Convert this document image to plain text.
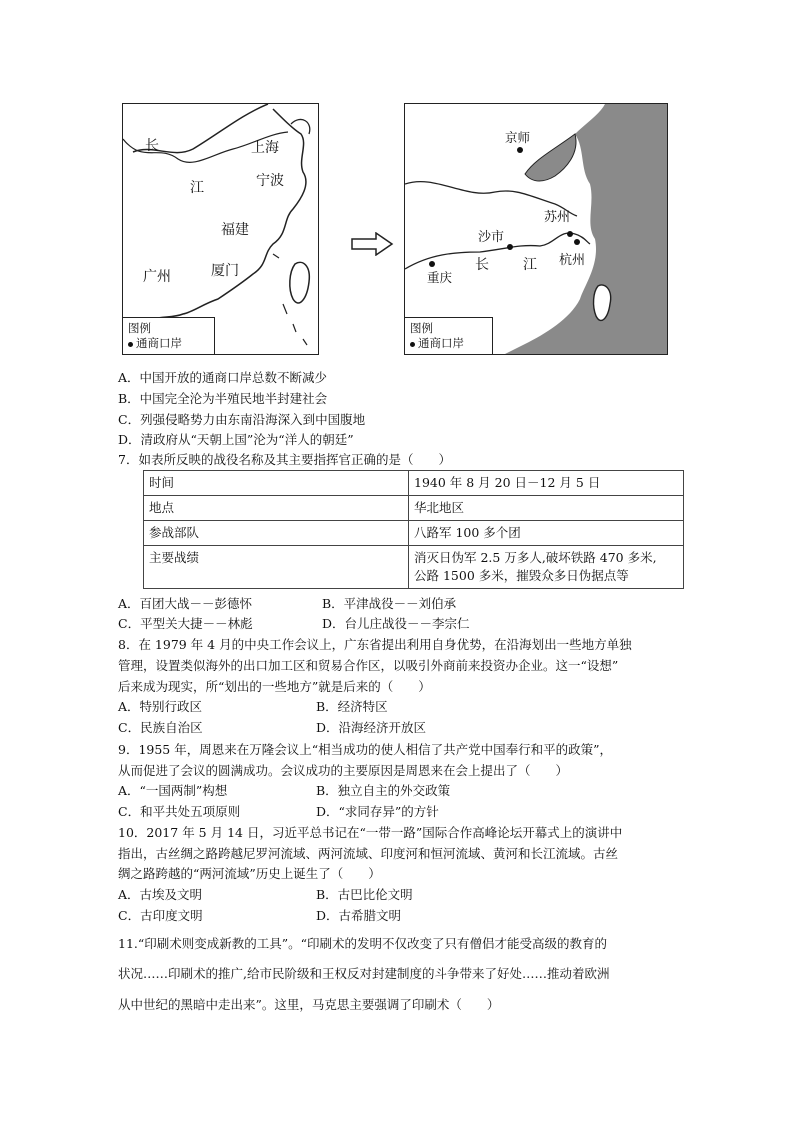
长	上海
江	宁波
福建
厦门
广州
图例
通商口岸
京师
苏州
沙市
杭州
长 江
重庆
图例
通商口岸
A．中国开放的通商口岸总数不断减少
B．中国完全沦为半殖民地半封建社会
C．列强侵略势力由东南沿海深入到中国腹地
D．清政府从“天朝上国”沦为“洋人的朝廷”
7．如表所反映的战役名称及其主要指挥官正确的是（　　）
时间	1940 年 8 月 20 日－12 月 5 日
地点	华北地区
参战部队	八路军 100 多个团
主要战绩	消灭日伪军 2.5 万多人,破坏铁路 470 多米,
公路 1500 多米，摧毁众多日伪据点等
A．百团大战－－彭德怀	B．平津战役－－刘伯承
C．平型关大捷－－林彪	D．台儿庄战役－－李宗仁
8．在 1979 年 4 月的中央工作会议上，广东省提出利用自身优势，在沿海划出一些地方单独
管理，设置类似海外的出口加工区和贸易合作区，以吸引外商前来投资办企业。这一“设想”
后来成为现实，所“划出的一些地方”就是后来的（　　）
A．特别行政区	B．经济特区
C．民族自治区	D．沿海经济开放区
9．1955 年，周恩来在万隆会议上“相当成功的使人相信了共产党中国奉行和平的政策”，
从而促进了会议的圆满成功。会议成功的主要原因是周恩来在会上提出了（　　）
A．“一国两制”构想	B．独立自主的外交政策
C．和平共处五项原则	D．“求同存异”的方针
10．2017 年 5 月 14 日，习近平总书记在“一带一路”国际合作高峰论坛开幕式上的演讲中
指出，古丝绸之路跨越尼罗河流域、两河流域、印度河和恒河流域、黄河和长江流域。古丝
绸之路跨越的“两河流域”历史上诞生了（　　）
A．古埃及文明	B．古巴比伦文明
C．古印度文明	D．古希腊文明
11.“印刷术则变成新教的工具”。“印刷术的发明不仅改变了只有僧侣才能受高级的教育的
状况……印刷术的推广,给市民阶级和王权反对封建制度的斗争带来了好处……推动着欧洲
从中世纪的黑暗中走出来”。这里，马克思主要强调了印刷术（　　）
